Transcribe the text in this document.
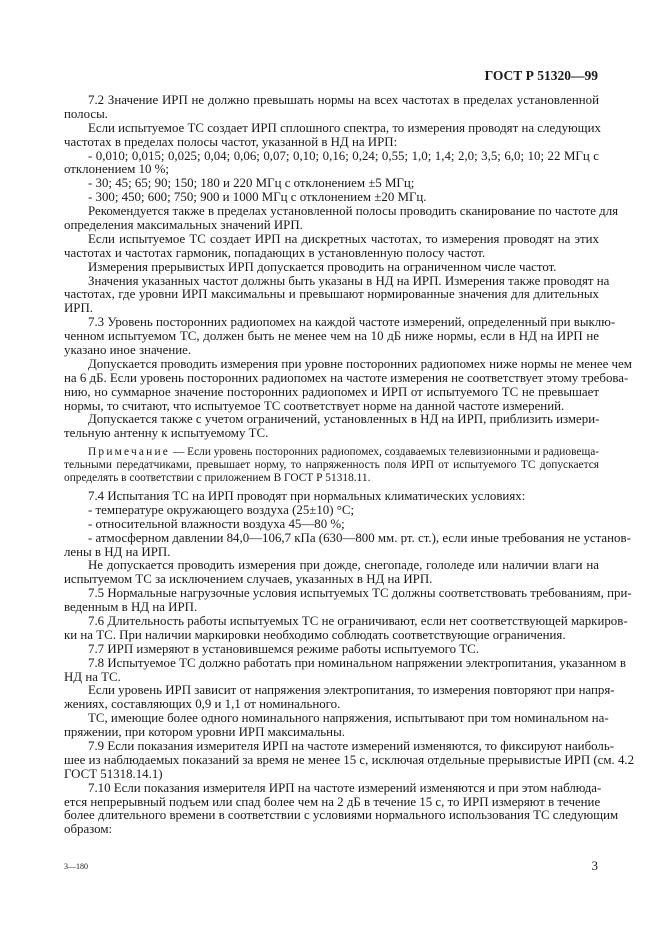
ГОСТ Р 51320—99
7.2 Значение ИРП не должно превышать нормы на всех частотах в пределах установленной
полосы.
Если испытуемое ТС создает ИРП сплошного спектра, то измерения проводят на следующих
частотах в пределах полосы частот, указанной в НД на ИРП:
- 0,010; 0,015; 0,025; 0,04; 0,06; 0,07; 0,10; 0,16; 0,24; 0,55; 1,0; 1,4; 2,0; 3,5; 6,0; 10; 22 МГц с
отклонением 10 %;
- 30; 45; 65; 90; 150; 180 и 220 МГц с отклонением ±5 МГц;
- 300; 450; 600; 750; 900 и 1000 МГц с отклонением ±20 МГц.
Рекомендуется также в пределах установленной полосы проводить сканирование по частоте для
определения максимальных значений ИРП.
Если испытуемое ТС создает ИРП на дискретных частотах, то измерения проводят на этих
частотах и частотах гармоник, попадающих в установленную полосу частот.
Измерения прерывистых ИРП допускается проводить на ограниченном числе частот.
Значения указанных частот должны быть указаны в НД на ИРП. Измерения также проводят на
частотах, где уровни ИРП максимальны и превышают нормированные значения для длительных
ИРП.
7.3 Уровень посторонних радиопомех на каждой частоте измерений, определенный при выклю-
ченном испытуемом ТС, должен быть не менее чем на 10 дБ ниже нормы, если в НД на ИРП не
указано иное значение.
Допускается проводить измерения при уровне посторонних радиопомех ниже нормы не менее чем
на 6 дБ. Если уровень посторонних радиопомех на частоте измерения не соответствует этому требова-
нию, но суммарное значение посторонних радиопомех и ИРП от испытуемого ТС не превышает
нормы, то считают, что испытуемое ТС соответствует норме на данной частоте измерений.
Допускается также с учетом ограничений, установленных в НД на ИРП, приблизить измери-
тельную антенну к испытуемому ТС.
Примечание — Если уровень посторонних радиопомех, создаваемых телевизионными и радиовеща-
тельными передатчиками, превышает норму, то напряженность поля ИРП от испытуемого ТС допускается
определять в соответствии с приложением В ГОСТ Р 51318.11.
7.4 Испытания ТС на ИРП проводят при нормальных климатических условиях:
- температуре окружающего воздуха (25±10) °С;
- относительной влажности воздуха 45—80 %;
- атмосферном давлении 84,0—106,7 кПа (630—800 мм. рт. ст.), если иные требования не установ-
лены в НД на ИРП.
Не допускается проводить измерения при дожде, снегопаде, гололеде или наличии влаги на
испытуемом ТС за исключением случаев, указанных в НД на ИРП.
7.5 Нормальные нагрузочные условия испытуемых ТС должны соответствовать требованиям, при-
веденным в НД на ИРП.
7.6 Длительность работы испытуемых ТС не ограничивают, если нет соответствующей маркиров-
ки на ТС. При наличии маркировки необходимо соблюдать соответствующие ограничения.
7.7 ИРП измеряют в установившемся режиме работы испытуемого ТС.
7.8 Испытуемое ТС должно работать при номинальном напряжении электропитания, указанном в
НД на ТС.
Если уровень ИРП зависит от напряжения электропитания, то измерения повторяют при напря-
жениях, составляющих 0,9 и 1,1 от номинального.
ТС, имеющие более одного номинального напряжения, испытывают при том номинальном на-
пряжении, при котором уровни ИРП максимальны.
7.9 Если показания измерителя ИРП на частоте измерений изменяются, то фиксируют наиболь-
шее из наблюдаемых показаний за время не менее 15 с, исключая отдельные прерывистые ИРП (см. 4.2
ГОСТ 51318.14.1)
7.10 Если показания измерителя ИРП на частоте измерений изменяются и при этом наблюда-
ется непрерывный подъем или спад более чем на 2 дБ в течение 15 с, то ИРП измеряют в течение
более длительного времени в соответствии с условиями нормального использования ТС следующим
образом:
3—180	3
